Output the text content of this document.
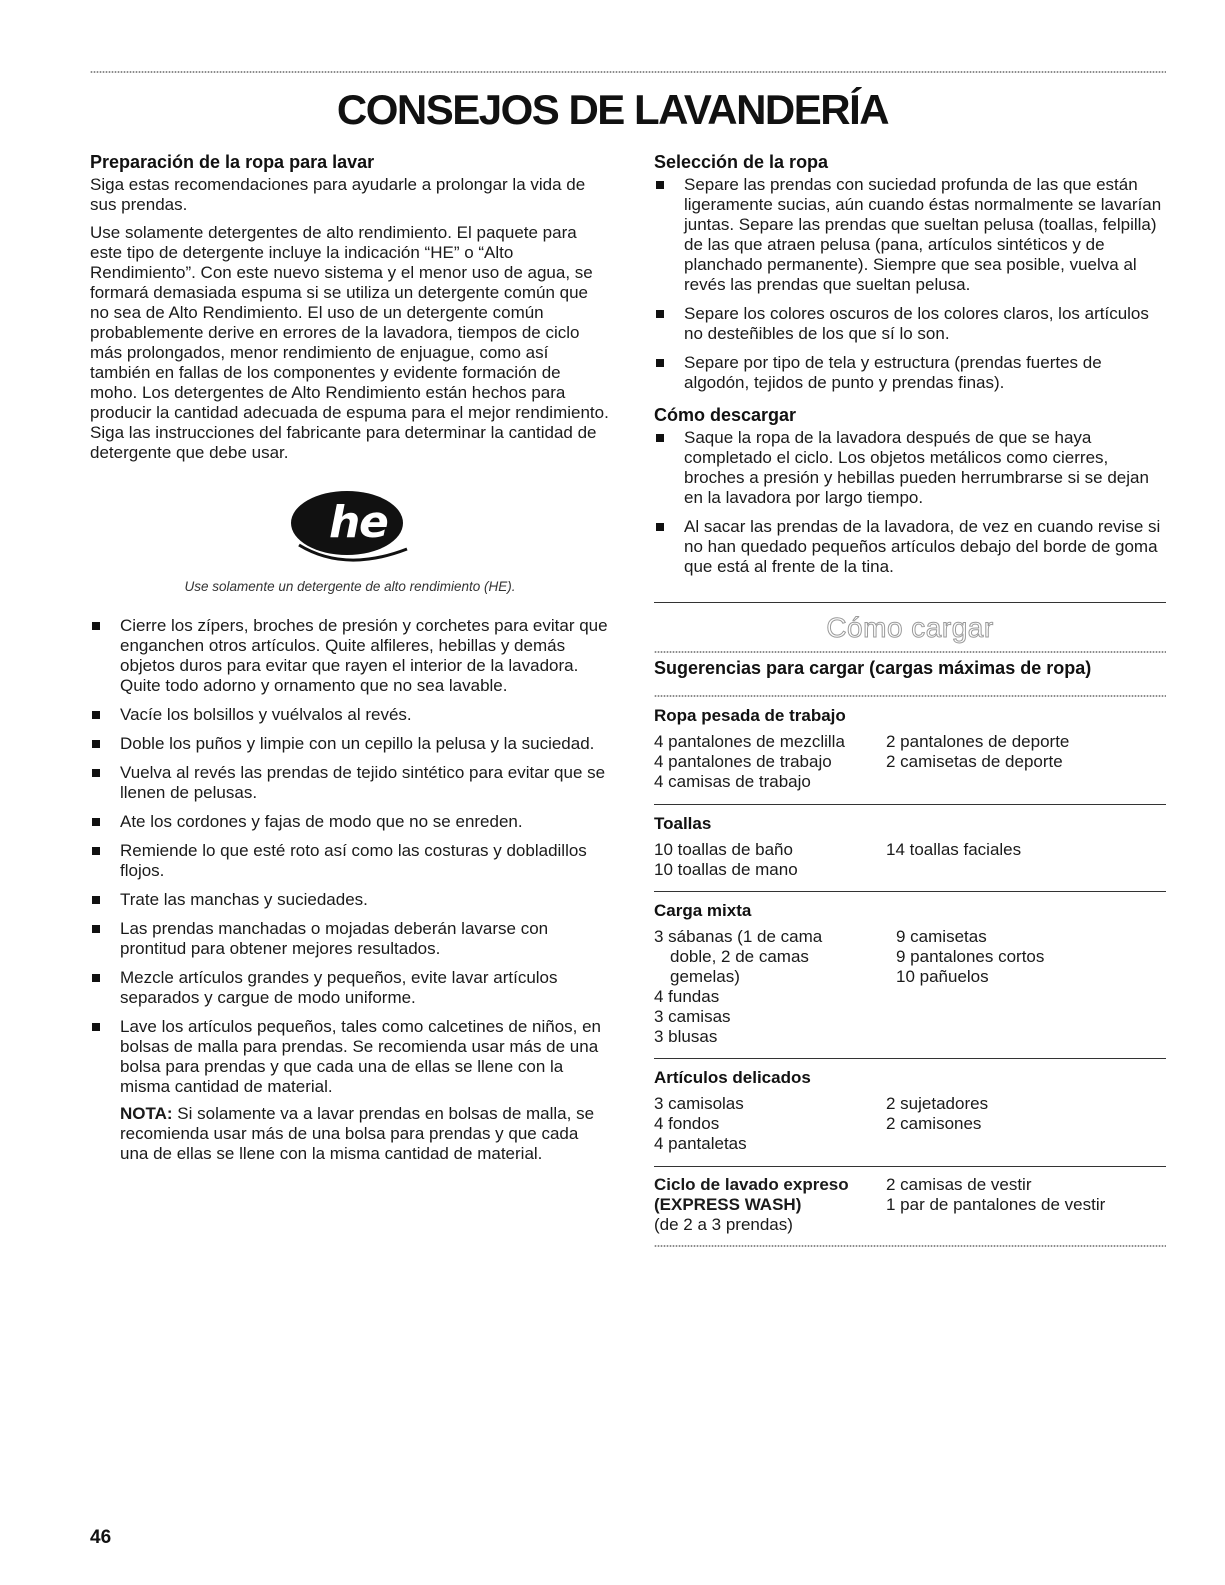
CONSEJOS DE LAVANDERÍA
Preparación de la ropa para lavar

Siga estas recomendaciones para ayudarle a prolongar la vida de sus prendas.

Use solamente detergentes de alto rendimiento. El paquete para este tipo de detergente incluye la indicación “HE” o “Alto Rendimiento”. Con este nuevo sistema y el menor uso de agua, se formará demasiada espuma si se utiliza un detergente común que no sea de Alto Rendimiento. El uso de un detergente común probablemente derive en errores de la lavadora, tiempos de ciclo más prolongados, menor rendimiento de enjuague, como así también en fallas de los componentes y evidente formación de moho. Los detergentes de Alto Rendimiento están hechos para producir la cantidad adecuada de espuma para el mejor rendimiento. Siga las instrucciones del fabricante para determinar la cantidad de detergente que debe usar.

h
e
Use solamente un detergente de alto rendimiento (HE).
Cierre los zípers, broches de presión y corchetes para evitar que enganchen otros artículos. Quite alfileres, hebillas y demás objetos duros para evitar que rayen el interior de la lavadora. Quite todo adorno y ornamento que no sea lavable.
Vacíe los bolsillos y vuélvalos al revés.
Doble los puños y limpie con un cepillo la pelusa y la suciedad.
Vuelva al revés las prendas de tejido sintético para evitar que se llenen de pelusas.
Ate los cordones y fajas de modo que no se enreden.
Remiende lo que esté roto así como las costuras y dobladillos flojos.
Trate las manchas y suciedades.
Las prendas manchadas o mojadas deberán lavarse con prontitud para obtener mejores resultados.
Mezcle artículos grandes y pequeños, evite lavar artículos separados y cargue de modo uniforme.
Lave los artículos pequeños, tales como calcetines de niños, en bolsas de malla para prendas. Se recomienda usar más de una bolsa para prendas y que cada una de ellas se llene con la misma cantidad de material.

NOTA: Si solamente va a lavar prendas en bolsas de malla, se recomienda usar más de una bolsa para prendas y que cada una de ellas se llene con la misma cantidad de material.

Selección de la ropa
Separe las prendas con suciedad profunda de las que están ligeramente sucias, aún cuando éstas normalmente se lavarían juntas. Separe las prendas que sueltan pelusa (toallas, felpilla) de las que atraen pelusa (pana, artículos sintéticos y de planchado permanente). Siempre que sea posible, vuelva al revés las prendas que sueltan pelusa.
Separe los colores oscuros de los colores claros, los artículos no desteñibles de los que sí lo son.
Separe por tipo de tela y estructura (prendas fuertes de algodón, tejidos de punto y prendas finas).
Cómo descargar
Saque la ropa de la lavadora después de que se haya completado el ciclo. Los objetos metálicos como cierres, broches a presión y hebillas pueden herrumbrarse si se dejan en la lavadora por largo tiempo.
Al sacar las prendas de la lavadora, de vez en cuando revise si no han quedado pequeños artículos debajo del borde de goma que está al frente de la tina.
Cómo cargar
Sugerencias para cargar (cargas máximas de ropa)
Ropa pesada de trabajo
4 pantalones de mezclilla
4 pantalones de trabajo
4 camisas de trabajo
2 pantalones de deporte
2 camisetas de deporte
Toallas
10 toallas de baño
10 toallas de mano
14 toallas faciales
Carga mixta
3 sábanas (1 de cama
doble, 2 de camas
gemelas)
4 fundas
3 camisas
3 blusas
9 camisetas
9 pantalones cortos
10 pañuelos
Artículos delicados
3 camisolas
4 fondos
4 pantaletas
2 sujetadores
2 camisones
Ciclo de lavado expreso
(EXPRESS WASH)
(de 2 a 3 prendas)
2 camisas de vestir
1 par de pantalones de vestir
46
